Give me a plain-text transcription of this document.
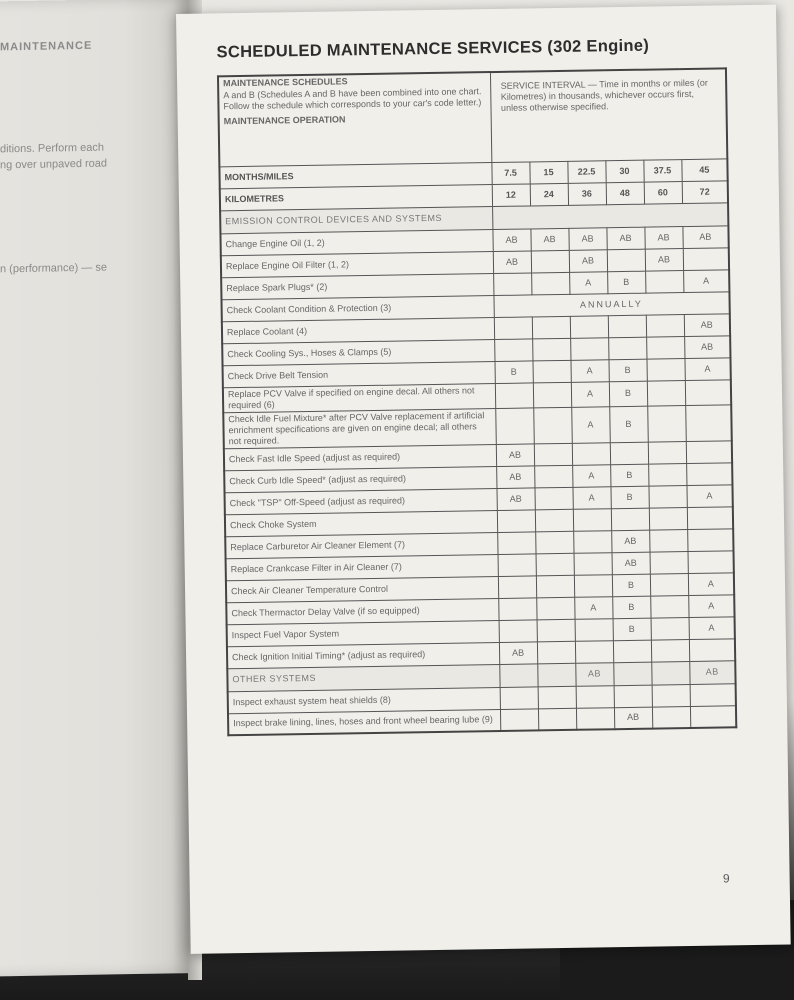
MAINTENANCE
ditions. Perform each
ng over unpaved road
n (performance) — se
SCHEDULED MAINTENANCE SERVICES (302 Engine)
MAINTENANCE SCHEDULES
A and B (Schedules A and B have been combined into one chart. Follow the schedule which corresponds to your car's code letter.)
MAINTENANCE OPERATION	SERVICE INTERVAL — Time in months or miles (or Kilometres) in thousands, whichever occurs first, unless otherwise specified.					
MONTHS/MILES	7.5	15	22.5	30	37.5	45
KILOMETRES	12	24	36	48	60	72
EMISSION CONTROL DEVICES AND SYSTEMS						
Change Engine Oil (1, 2)	AB	AB	AB	AB	AB	AB
Replace Engine Oil Filter (1, 2)	AB		AB		AB	
Replace Spark Plugs* (2)			A	B		A
Check Coolant Condition & Protection (3)	ANNUALLY					
Replace Coolant (4)						AB
Check Cooling Sys., Hoses & Clamps (5)						AB
Check Drive Belt Tension	B		A	B		A
Replace PCV Valve if specified on engine decal. All others not required (6)			A	B		
Check Idle Fuel Mixture* after PCV Valve replacement if artificial enrichment specifications are given on engine decal; all others not required.			A	B		
Check Fast Idle Speed (adjust as required)	AB					
Check Curb Idle Speed* (adjust as required)	AB		A	B		
Check "TSP" Off-Speed (adjust as required)	AB		A	B		A
Check Choke System						
Replace Carburetor Air Cleaner Element (7)				AB		
Replace Crankcase Filter in Air Cleaner (7)				AB		
Check Air Cleaner Temperature Control				B		A
Check Thermactor Delay Valve (if so equipped)			A	B		A
Inspect Fuel Vapor System				B		A
Check Ignition Initial Timing* (adjust as required)	AB					
OTHER SYSTEMS			AB			AB
Inspect exhaust system heat shields (8)						
Inspect brake lining, lines, hoses and front wheel bearing lube (9)				AB		
9
